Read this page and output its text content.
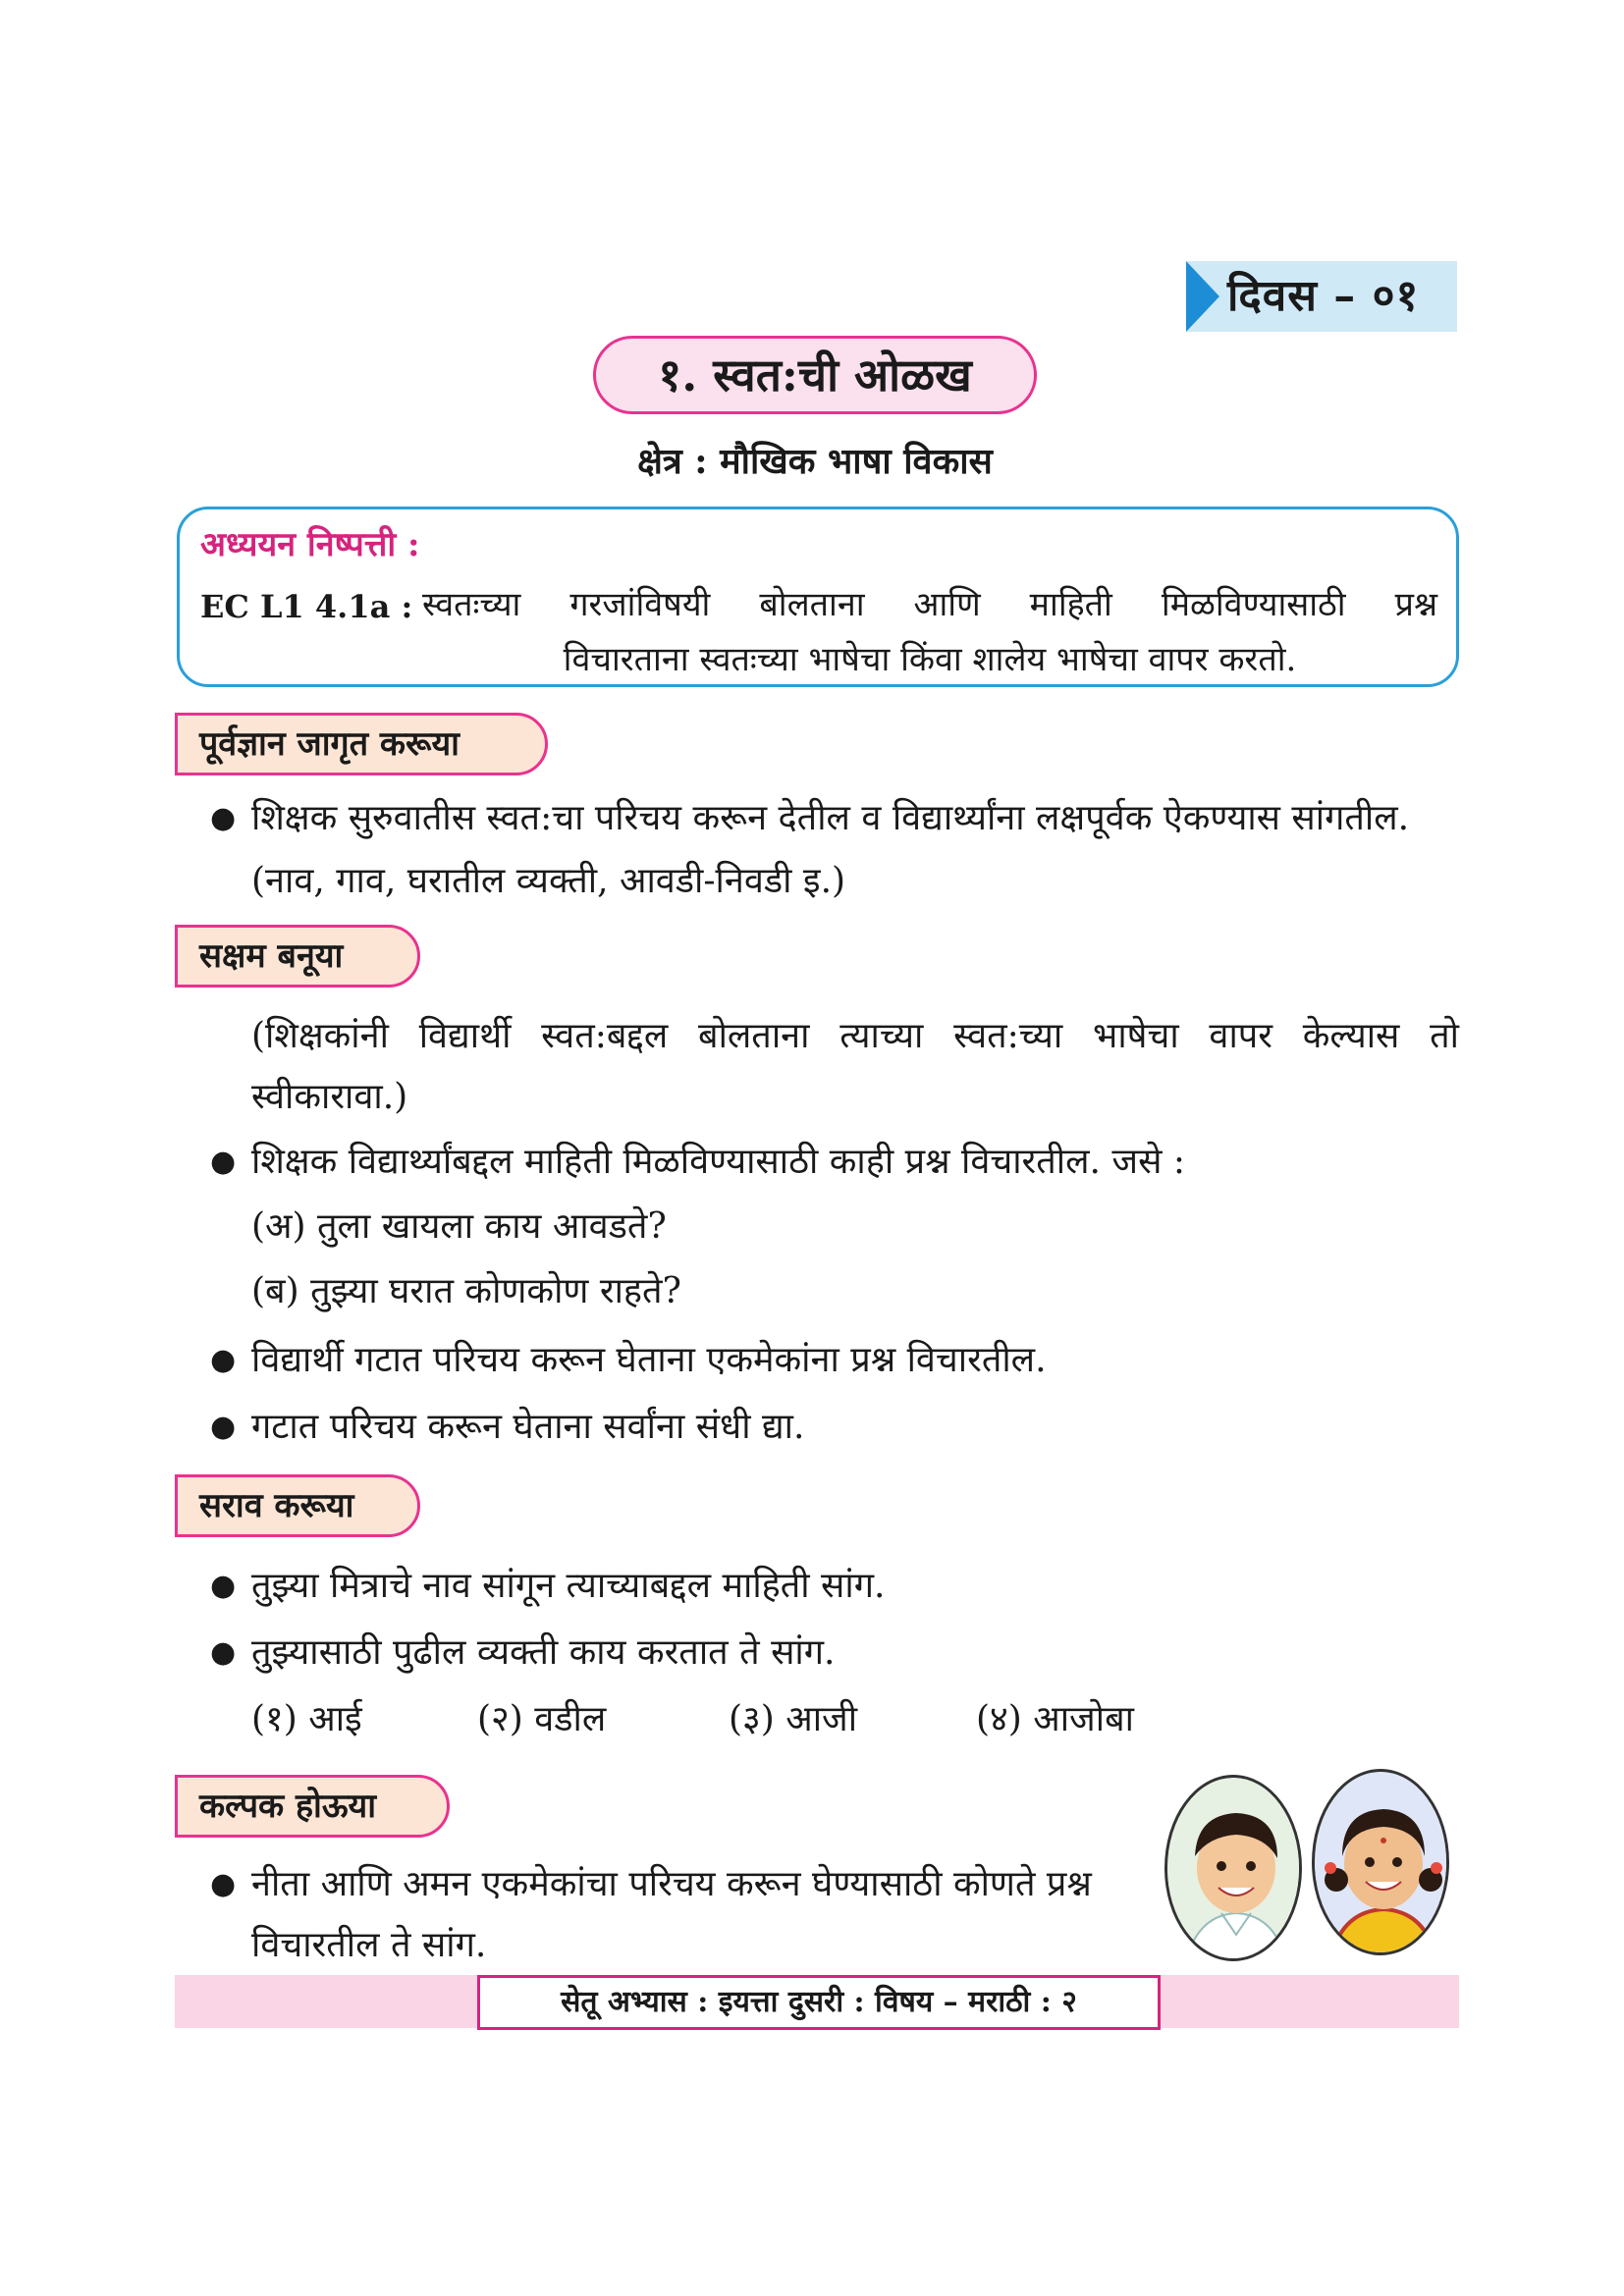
दिवस – ०१
१. स्वत:ची ओळख
क्षेत्र : मौखिक भाषा विकास
अध्ययन निष्पत्ती :
EC L1 4.1a : स्वतःच्या गरजांविषयी बोलताना आणि माहिती मिळविण्यासाठी प्रश्न
विचारताना स्वतःच्या भाषेचा किंवा शालेय भाषेचा वापर करतो.
पूर्वज्ञान जागृत करूया
● शिक्षक सुरुवातीस स्वत:चा परिचय करून देतील व विद्यार्थ्यांना लक्षपूर्वक ऐकण्यास सांगतील.
(नाव, गाव, घरातील व्यक्ती, आवडी-निवडी इ.)
सक्षम बनूया
(शिक्षकांनी विद्यार्थी स्वत:बद्दल बोलताना त्याच्या स्वत:च्या भाषेचा वापर केल्यास तो
स्वीकारावा.)
● शिक्षक विद्यार्थ्यांबद्दल माहिती मिळविण्यासाठी काही प्रश्न विचारतील. जसे :
(अ) तुला खायला काय आवडते?
(ब) तुझ्या घरात कोणकोण राहते?
● विद्यार्थी गटात परिचय करून घेताना एकमेकांना प्रश्न विचारतील.
● गटात परिचय करून घेताना सर्वांना संधी द्या.
सराव करूया
● तुझ्या मित्राचे नाव सांगून त्याच्याबद्दल माहिती सांग.
● तुझ्यासाठी पुढील व्यक्ती काय करतात ते सांग.
(१) आई	(२) वडील	(३) आजी	(४) आजोबा
कल्पक होऊया
● नीता आणि अमन एकमेकांचा परिचय करून घेण्यासाठी कोणते प्रश्न
विचारतील ते सांग.
सेतू अभ्यास : इयत्ता दुसरी : विषय – मराठी : २
